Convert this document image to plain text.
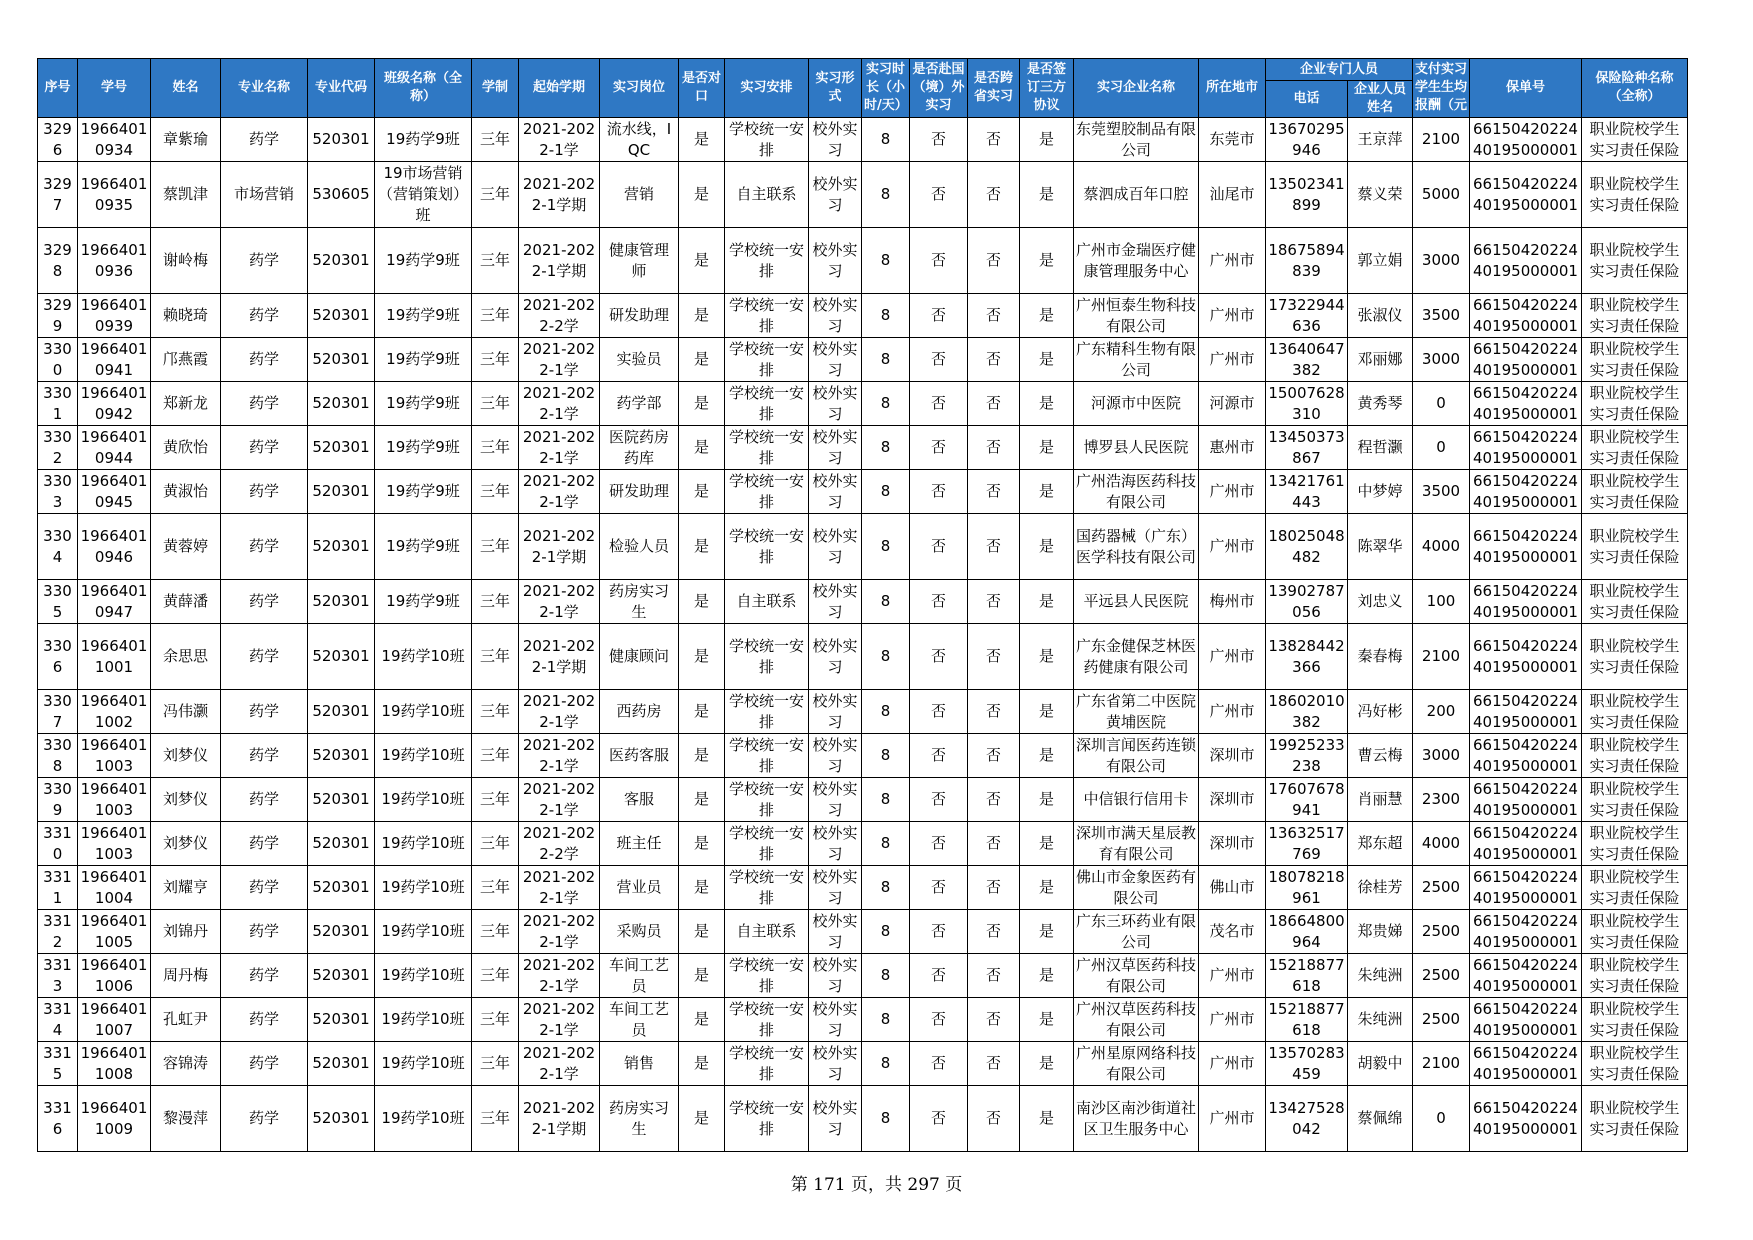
序号	学号	姓名	专业名称	专业代码	班级名称（全称）	学制	起始学期	实习岗位	是否对口	实习安排	实习形式	实习时长（小时/天）	是否赴国（境）外实习	是否跨省实习	是否签订三方协议	实习企业名称	所在地市	企业专门人员		支付实习学生生均报酬（元	保单号	保险险种名称（全称）
																		电话	企业人员姓名			
3296	1966401 0934	章紫瑜	药学	520301	19药学9班	三年	2021-2022-1学	流水线，IQC	是	学校统一安排	校外实习	8	否	否	是	东莞塑胶制品有限公司	东莞市	13670295 946	王京萍	2100	66150420224 40195000001	职业院校学生实习责任保险
3297	1966401 0935	蔡凯津	市场营销	530605	19市场营销（营销策划）班	三年	2021-2022-1学期	营销	是	自主联系	校外实习	8	否	否	是	蔡泗成百年口腔	汕尾市	13502341 899	蔡义荣	5000	66150420224 40195000001	职业院校学生实习责任保险
3298	1966401 0936	谢岭梅	药学	520301	19药学9班	三年	2021-2022-1学期	健康管理师	是	学校统一安排	校外实习	8	否	否	是	广州市金瑞医疗健康管理服务中心	广州市	18675894 839	郭立娟	3000	66150420224 40195000001	职业院校学生实习责任保险
3299	1966401 0939	赖晓琦	药学	520301	19药学9班	三年	2021-2022-2学	研发助理	是	学校统一安排	校外实习	8	否	否	是	广州恒泰生物科技有限公司	广州市	17322944 636	张淑仪	3500	66150420224 40195000001	职业院校学生实习责任保险
3300	1966401 0941	邝燕霞	药学	520301	19药学9班	三年	2021-2022-1学	实验员	是	学校统一安排	校外实习	8	否	否	是	广东精科生物有限公司	广州市	13640647 382	邓丽娜	3000	66150420224 40195000001	职业院校学生实习责任保险
3301	1966401 0942	郑新龙	药学	520301	19药学9班	三年	2021-2022-1学	药学部	是	学校统一安排	校外实习	8	否	否	是	河源市中医院	河源市	15007628 310	黄秀琴	0	66150420224 40195000001	职业院校学生实习责任保险
3302	1966401 0944	黄欣怡	药学	520301	19药学9班	三年	2021-2022-1学	医院药房药库	是	学校统一安排	校外实习	8	否	否	是	博罗县人民医院	惠州市	13450373 867	程哲灏	0	66150420224 40195000001	职业院校学生实习责任保险
3303	1966401 0945	黄淑怡	药学	520301	19药学9班	三年	2021-2022-1学	研发助理	是	学校统一安排	校外实习	8	否	否	是	广州浩海医药科技有限公司	广州市	13421761 443	中梦婷	3500	66150420224 40195000001	职业院校学生实习责任保险
3304	1966401 0946	黄蓉婷	药学	520301	19药学9班	三年	2021-2022-1学期	检验人员	是	学校统一安排	校外实习	8	否	否	是	国药器械（广东）医学科技有限公司	广州市	18025048 482	陈翠华	4000	66150420224 40195000001	职业院校学生实习责任保险
3305	1966401 0947	黄薛潘	药学	520301	19药学9班	三年	2021-2022-1学	药房实习生	是	自主联系	校外实习	8	否	否	是	平远县人民医院	梅州市	13902787 056	刘忠义	100	66150420224 40195000001	职业院校学生实习责任保险
3306	1966401 1001	余思思	药学	520301	19药学10班	三年	2021-2022-1学期	健康顾问	是	学校统一安排	校外实习	8	否	否	是	广东金健保芝林医药健康有限公司	广州市	13828442 366	秦春梅	2100	66150420224 40195000001	职业院校学生实习责任保险
3307	1966401 1002	冯伟灏	药学	520301	19药学10班	三年	2021-2022-1学	西药房	是	学校统一安排	校外实习	8	否	否	是	广东省第二中医院黄埔医院	广州市	18602010 382	冯好彬	200	66150420224 40195000001	职业院校学生实习责任保险
3308	1966401 1003	刘梦仪	药学	520301	19药学10班	三年	2021-2022-1学	医药客服	是	学校统一安排	校外实习	8	否	否	是	深圳言闻医药连锁有限公司	深圳市	19925233 238	曹云梅	3000	66150420224 40195000001	职业院校学生实习责任保险
3309	1966401 1003	刘梦仪	药学	520301	19药学10班	三年	2021-2022-1学	客服	是	学校统一安排	校外实习	8	否	否	是	中信银行信用卡	深圳市	17607678 941	肖丽慧	2300	66150420224 40195000001	职业院校学生实习责任保险
3310	1966401 1003	刘梦仪	药学	520301	19药学10班	三年	2021-2022-2学	班主任	是	学校统一安排	校外实习	8	否	否	是	深圳市满天星辰教育有限公司	深圳市	13632517 769	郑东超	4000	66150420224 40195000001	职业院校学生实习责任保险
3311	1966401 1004	刘耀亨	药学	520301	19药学10班	三年	2021-2022-1学	营业员	是	学校统一安排	校外实习	8	否	否	是	佛山市金象医药有限公司	佛山市	18078218 961	徐桂芳	2500	66150420224 40195000001	职业院校学生实习责任保险
3312	1966401 1005	刘锦丹	药学	520301	19药学10班	三年	2021-2022-1学	采购员	是	自主联系	校外实习	8	否	否	是	广东三环药业有限公司	茂名市	18664800 964	郑贵娣	2500	66150420224 40195000001	职业院校学生实习责任保险
3313	1966401 1006	周丹梅	药学	520301	19药学10班	三年	2021-2022-1学	车间工艺员	是	学校统一安排	校外实习	8	否	否	是	广州汉草医药科技有限公司	广州市	15218877 618	朱纯洲	2500	66150420224 40195000001	职业院校学生实习责任保险
3314	1966401 1007	孔虹尹	药学	520301	19药学10班	三年	2021-2022-1学	车间工艺员	是	学校统一安排	校外实习	8	否	否	是	广州汉草医药科技有限公司	广州市	15218877 618	朱纯洲	2500	66150420224 40195000001	职业院校学生实习责任保险
3315	1966401 1008	容锦涛	药学	520301	19药学10班	三年	2021-2022-1学	销售	是	学校统一安排	校外实习	8	否	否	是	广州星原网络科技有限公司	广州市	13570283 459	胡毅中	2100	66150420224 40195000001	职业院校学生实习责任保险
3316	1966401 1009	黎漫萍	药学	520301	19药学10班	三年	2021-2022-1学期	药房实习生	是	学校统一安排	校外实习	8	否	否	是	南沙区南沙街道社区卫生服务中心	广州市	13427528 042	蔡佩绵	0	66150420224 40195000001	职业院校学生实习责任保险
第 171 页，共 297 页
